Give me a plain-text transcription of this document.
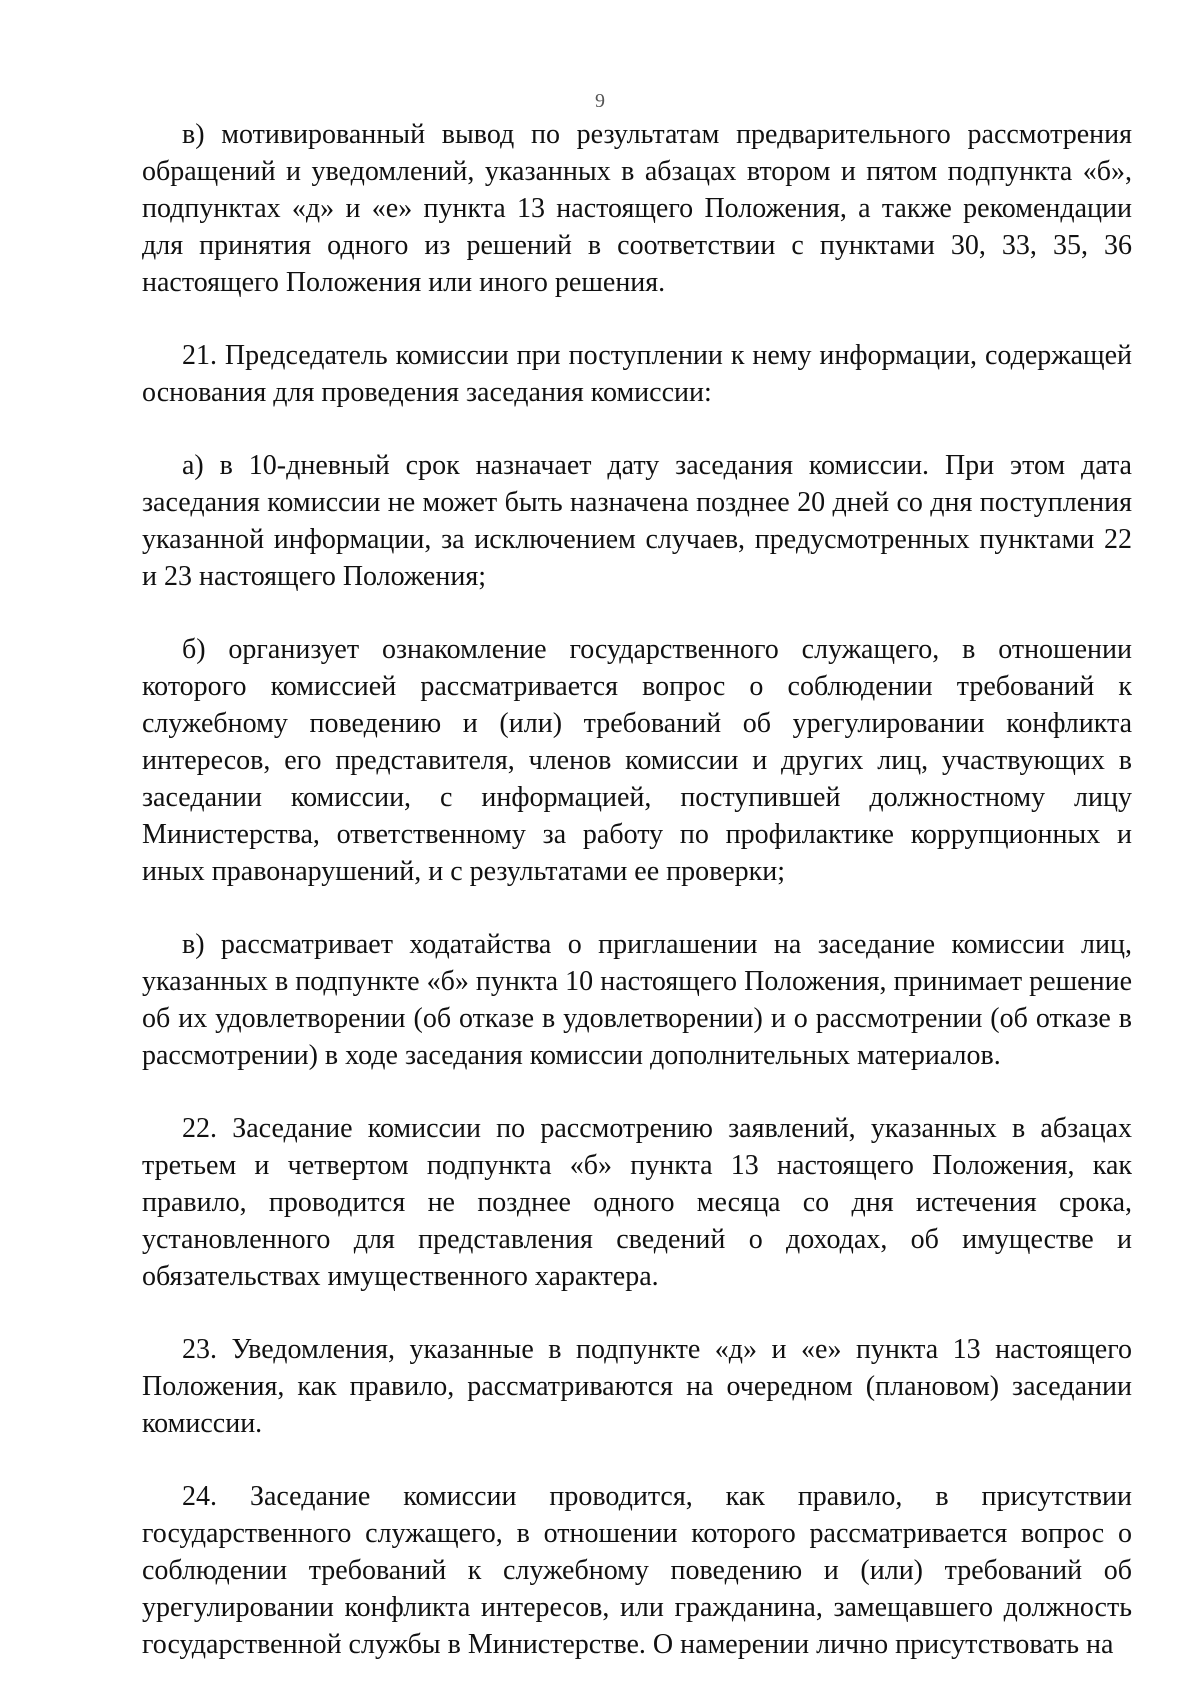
9

в) мотивированный вывод по результатам предварительного рассмотрения обращений и уведомлений, указанных в абзацах втором и пятом подпункта «б», подпунктах «д» и «е» пункта 13 настоящего Положения, а также рекомендации для принятия одного из решений в соответствии с пунктами 30, 33, 35, 36 настоящего Положения или иного решения.

21. Председатель комиссии при поступлении к нему информации, содержащей основания для проведения заседания комиссии:

а) в 10-дневный срок назначает дату заседания комиссии. При этом дата заседания комиссии не может быть назначена позднее 20 дней со дня поступления указанной информации, за исключением случаев, предусмотренных пунктами 22 и 23 настоящего Положения;

б) организует ознакомление государственного служащего, в отношении которого комиссией рассматривается вопрос о соблюдении требований к служебному поведению и (или) требований об урегулировании конфликта интересов, его представителя, членов комиссии и других лиц, участвующих в заседании комиссии, с информацией, поступившей должностному лицу Министерства, ответственному за работу по профилактике коррупционных и иных правонарушений, и с результатами ее проверки;

в) рассматривает ходатайства о приглашении на заседание комиссии лиц, указанных в подпункте «б» пункта 10 настоящего Положения, принимает решение об их удовлетворении (об отказе в удовлетворении) и о рассмотрении (об отказе в рассмотрении) в ходе заседания комиссии дополнительных материалов.

22. Заседание комиссии по рассмотрению заявлений, указанных в абзацах третьем и четвертом подпункта «б» пункта 13 настоящего Положения, как правило, проводится не позднее одного месяца со дня истечения срока, установленного для представления сведений о доходах, об имуществе и обязательствах имущественного характера.

23. Уведомления, указанные в подпункте «д» и «е» пункта 13 настоящего Положения, как правило, рассматриваются на очередном (плановом) заседании комиссии.

24. Заседание комиссии проводится, как правило, в присутствии государственного служащего, в отношении которого рассматривается вопрос о соблюдении требований к служебному поведению и (или) требований об урегулировании конфликта интересов, или гражданина, замещавшего должность государственной службы в Министерстве. О намерении лично присутствовать на
